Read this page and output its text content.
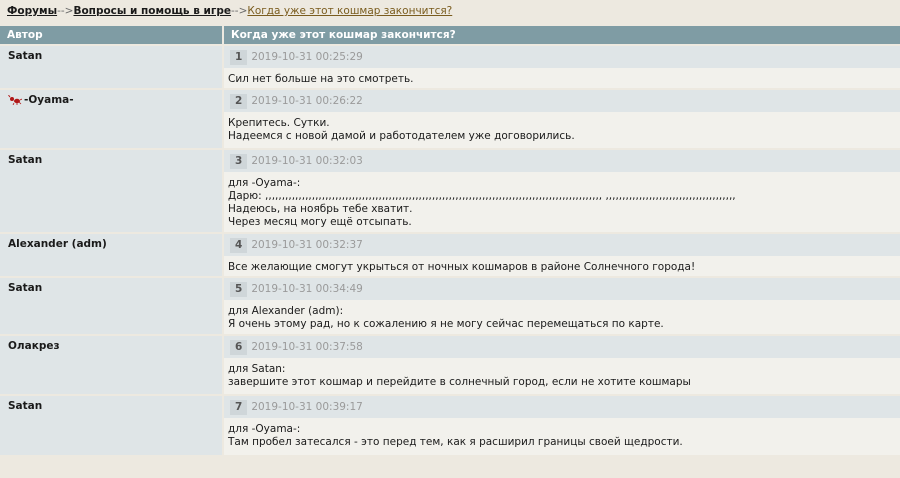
Форумы-->Вопросы и помощь в игре-->Когда уже этот кошмар закончится?
Автор	Когда уже этот кошмар закончится?
Satan	1 2019-10-31 00:25:29
Сил нет больше на это смотреть.

-Oyama-	2 2019-10-31 00:26:22
Крепитесь. Сутки.
Надеемся с новой дамой и работодателем уже договорились.

Satan	3 2019-10-31 00:32:03
для -Oyama-:
Дарю: ,,,,,,,,,,,,,,,,,,,,,,,,,,,,,,,,,,,,,,,,,,,,,,,,,,,,,,,,,,,,,,,,,,,,,,,,,,,,,,,,,,,,,,,,,,,,,,,,,,,,, ,,,,,,,,,,,,,,,,,,,,,,,,,,,,,,,,,,,,,,,
Надеюсь, на ноябрь тебе хватит.
Через месяц могу ещё отсыпать.

Alexander (adm)	4 2019-10-31 00:32:37
Все желающие смогут укрыться от ночных кошмаров в районе Солнечного города!

Satan	5 2019-10-31 00:34:49
для Alexander (adm):
Я очень этому рад, но к сожалению я не могу сейчас перемещаться по карте.

Олакрез	6 2019-10-31 00:37:58
для Satan:
завершите этот кошмар и перейдите в солнечный город, если не хотите кошмары

Satan	7 2019-10-31 00:39:17
для -Oyama-:
Там пробел затесался - это перед тем, как я расширил границы своей щедрости.
